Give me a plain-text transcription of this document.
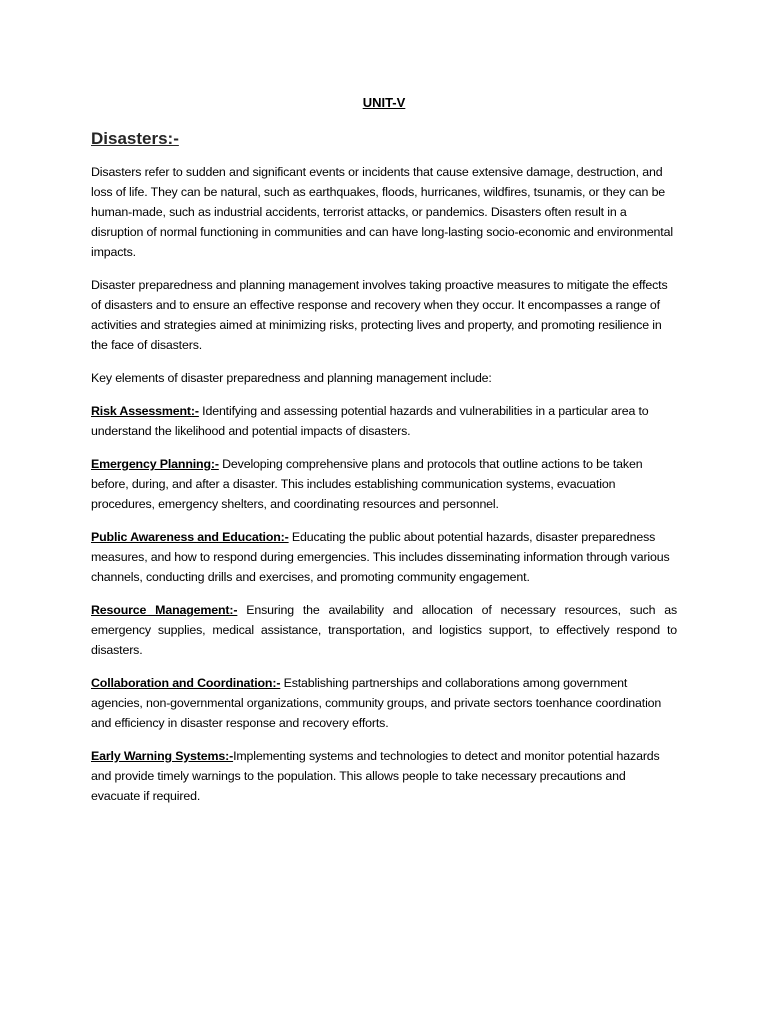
UNIT-V
Disasters:-

Disasters refer to sudden and significant events or incidents that cause extensive damage, destruction, and loss of life. They can be natural, such as earthquakes, floods, hurricanes, wildfires, tsunamis, or they can be human-made, such as industrial accidents, terrorist attacks, or pandemics. Disasters often result in a disruption of normal functioning in communities and can have long-lasting socio-economic and environmental impacts.

Disaster preparedness and planning management involves taking proactive measures to mitigate the effects of disasters and to ensure an effective response and recovery when they occur. It encompasses a range of activities and strategies aimed at minimizing risks, protecting lives and property, and promoting resilience in the face of disasters.

Key elements of disaster preparedness and planning management include:

Risk Assessment:- Identifying and assessing potential hazards and vulnerabilities in a particular area to understand the likelihood and potential impacts of disasters.

Emergency Planning:- Developing comprehensive plans and protocols that outline actions to be taken before, during, and after a disaster. This includes establishing communication systems, evacuation procedures, emergency shelters, and coordinating resources and personnel.

Public Awareness and Education:- Educating the public about potential hazards, disaster preparedness measures, and how to respond during emergencies. This includes disseminating information through various channels, conducting drills and exercises, and promoting community engagement.

Resource Management:- Ensuring the availability and allocation of necessary resources, such as emergency supplies, medical assistance, transportation, and logistics support, to effectively respond to disasters.

Collaboration and Coordination:- Establishing partnerships and collaborations among government agencies, non-governmental organizations, community groups, and private sectors toenhance coordination and efficiency in disaster response and recovery efforts.

Early Warning Systems:-Implementing systems and technologies to detect and monitor potential hazards and provide timely warnings to the population. This allows people to take necessary precautions and evacuate if required.
